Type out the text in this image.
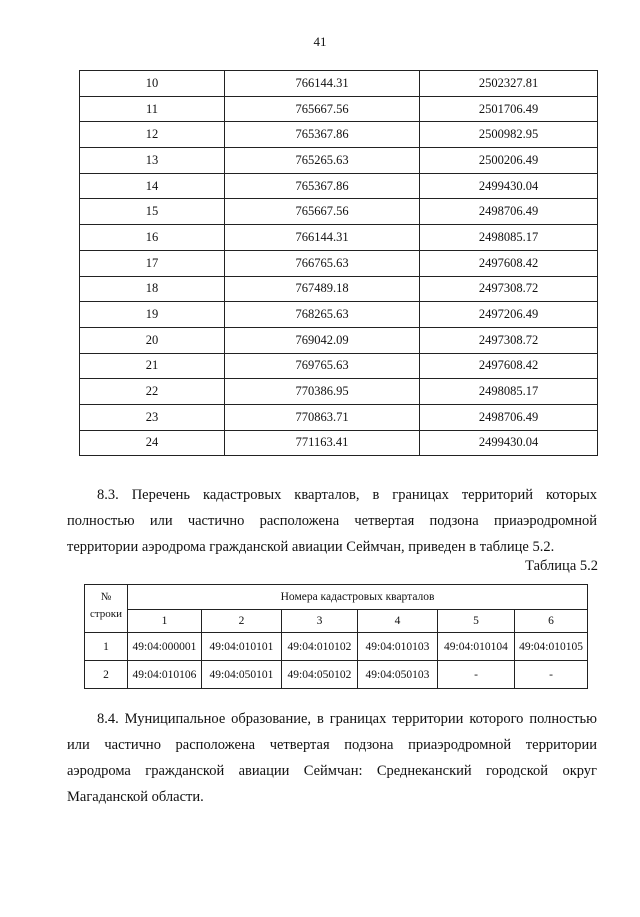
41
10	766144.31	2502327.81
11	765667.56	2501706.49
12	765367.86	2500982.95
13	765265.63	2500206.49
14	765367.86	2499430.04
15	765667.56	2498706.49
16	766144.31	2498085.17
17	766765.63	2497608.42
18	767489.18	2497308.72
19	768265.63	2497206.49
20	769042.09	2497308.72
21	769765.63	2497608.42
22	770386.95	2498085.17
23	770863.71	2498706.49
24	771163.41	2499430.04

8.3. Перечень кадастровых кварталов, в границах территорий которых полностью или частично расположена четвертая подзона приаэродромной территории аэродрома гражданской авиации Сеймчан, приведен в таблице 5.2.

Таблица 5.2
№
строки	Номера кадастровых кварталов					
	1	2	3	4	5	6
1	49:04:000001	49:04:010101	49:04:010102	49:04:010103	49:04:010104	49:04:010105
2	49:04:010106	49:04:050101	49:04:050102	49:04:050103	-	-

8.4. Муниципальное образование, в границах территории которого полностью или частично расположена четвертая подзона приаэродромной территории аэродрома гражданской авиации Сеймчан: Среднеканский городской округ Магаданской области.
